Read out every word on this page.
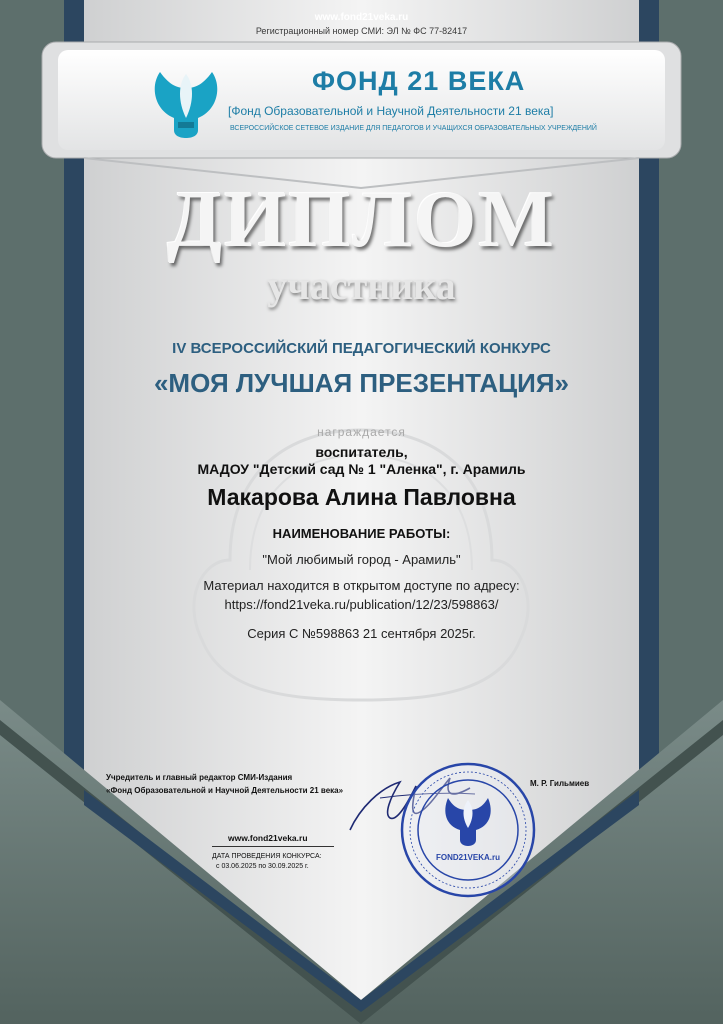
www.fond21veka.ru
Регистрационный номер СМИ: ЭЛ № ФС 77-82417
ФОНД 21 ВЕКА
[Фонд Образовательной и Научной Деятельности 21 века]
ВСЕРОССИЙСКОЕ СЕТЕВОЕ ИЗДАНИЕ ДЛЯ ПЕДАГОГОВ И УЧАЩИХСЯ ОБРАЗОВАТЕЛЬНЫХ УЧРЕЖДЕНИЙ
ДИПЛОМ
участника
IV ВСЕРОССИЙСКИЙ ПЕДАГОГИЧЕСКИЙ КОНКУРС
«МОЯ ЛУЧШАЯ ПРЕЗЕНТАЦИЯ»
награждается
воспитатель,
МАДОУ "Детский сад № 1 "Аленка", г. Арамиль
Макарова Алина Павловна
НАИМЕНОВАНИЕ РАБОТЫ:
"Мой любимый город - Арамиль"
Материал находится в открытом доступе по адресу:
https://fond21veka.ru/publication/12/23/598863/
Серия С №598863 21 сентября 2025г.
Учредитель и главный редактор СМИ-Издания
«Фонд Образовательной и Научной Деятельности 21 века»
М. Р. Гильмиев
FOND21VEKA.ru
www.fond21veka.ru
ДАТА ПРОВЕДЕНИЯ КОНКУРСА:
с 03.06.2025 по 30.09.2025 г.
